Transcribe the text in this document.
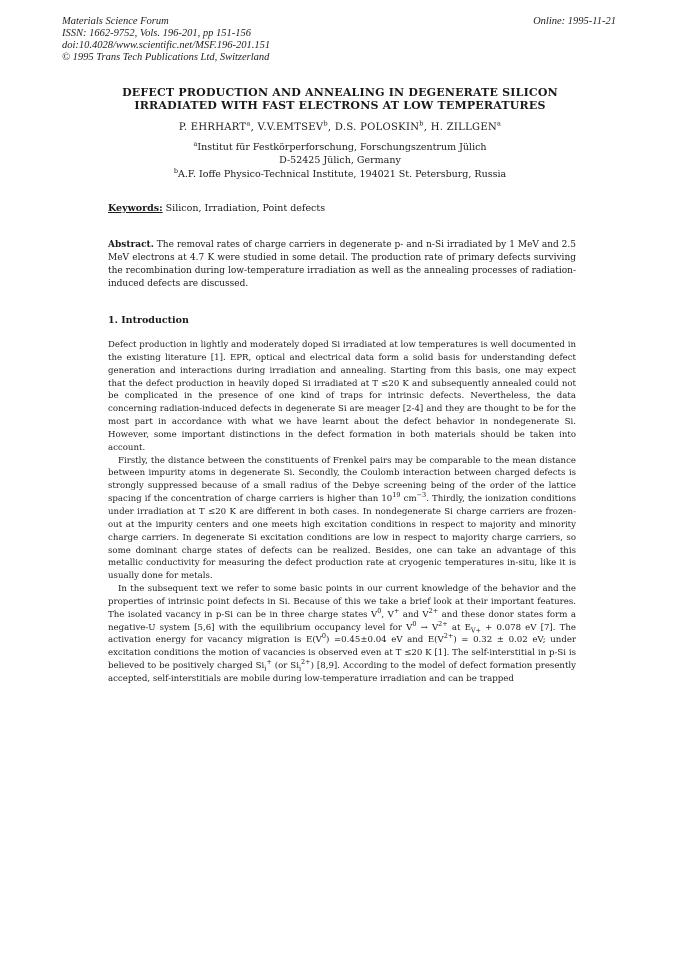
Materials Science Forum
ISSN: 1662-9752, Vols. 196-201, pp 151-156
doi:10.4028/www.scientific.net/MSF.196-201.151
© 1995 Trans Tech Publications Ltd, Switzerland
Online: 1995-11-21
DEFECT PRODUCTION AND ANNEALING IN DEGENERATE SILICON
IRRADIATED WITH FAST ELECTRONS AT LOW TEMPERATURES
P. EHRHART$^a$, V.V.EMTSEV$^b$, D.S. POLOSKIN$^b$, H. ZILLGEN$^a$
$^a$Institut für Festkörperforschung, Forschungszentrum Jülich
D-52425 Jülich, Germany
$^b$A.F. Ioffe Physico-Technical Institute, 194021 St. Petersburg, Russia
Keywords: Silicon, Irradiation, Point defects
Abstract. The removal rates of charge carriers in degenerate p- and n-Si irradiated by 1 MeV and 2.5 MeV electrons at 4.7 K were studied in some detail. The production rate of primary defects surviving the recombination during low-temperature irradiation as well as the annealing processes of radiation-induced defects are discussed.
1. Introduction

Defect production in lightly and moderately doped Si irradiated at low temperatures is well documented in the existing literature [1]. EPR, optical and electrical data form a solid basis for understanding defect generation and interactions during irradiation and annealing. Starting from this basis, one may expect that the defect production in heavily doped Si irradiated at T ≤20 K and subsequently annealed could not be complicated in the presence of one kind of traps for intrinsic defects. Nevertheless, the data concerning radiation-induced defects in degenerate Si are meager [2-4] and they are thought to be for the most part in accordance with what we have learnt about the defect behavior in nondegenerate Si. However, some important distinctions in the defect formation in both materials should be taken into account.

Firstly, the distance between the constituents of Frenkel pairs may be comparable to the mean distance between impurity atoms in degenerate Si. Secondly, the Coulomb interaction between charged defects is strongly suppressed because of a small radius of the Debye screening being of the order of the lattice spacing if the concentration of charge carriers is higher than $10^{19}$ $cm^{-3}$. Thirdly, the ionization conditions under irradiation at T ≤20 K are different in both cases. In nondegenerate Si charge carriers are frozen-out at the impurity centers and one meets high excitation conditions in respect to majority and minority charge carriers. In degenerate Si excitation conditions are low in respect to majority charge carriers, so some dominant charge states of defects can be realized. Besides, one can take an advantage of this metallic conductivity for measuring the defect production rate at cryogenic temperatures in-situ, like it is usually done for metals.

In the subsequent text we refer to some basic points in our current knowledge of the behavior and the properties of intrinsic point defects in Si. Because of this we take a brief look at their important features. The isolated vacancy in p-Si can be in three charge states $V^0$, V+ and $V^{2+}$ and these donor states form a negative-U system [5,6] with the equilibrium occupancy level for $V^0 \to V^{2+}$ at $E_{V+} + 0.078$ eV [7]. The activation energy for vacancy migration is $E(V^0) =0.45\pm 0.04$ eV and $E(V^{2+}) = 0.32 \pm 0.02$ eV; under excitation conditions the motion of vacancies is observed even at T ≤20 K [1]. The self-interstitial in p-Si is believed to be positively charged $Si_i^+$ (or $Si_i^{2+}$) [8,9]. According to the model of defect formation presently accepted, self-interstitials are mobile during low-temperature irradiation and can be trapped
